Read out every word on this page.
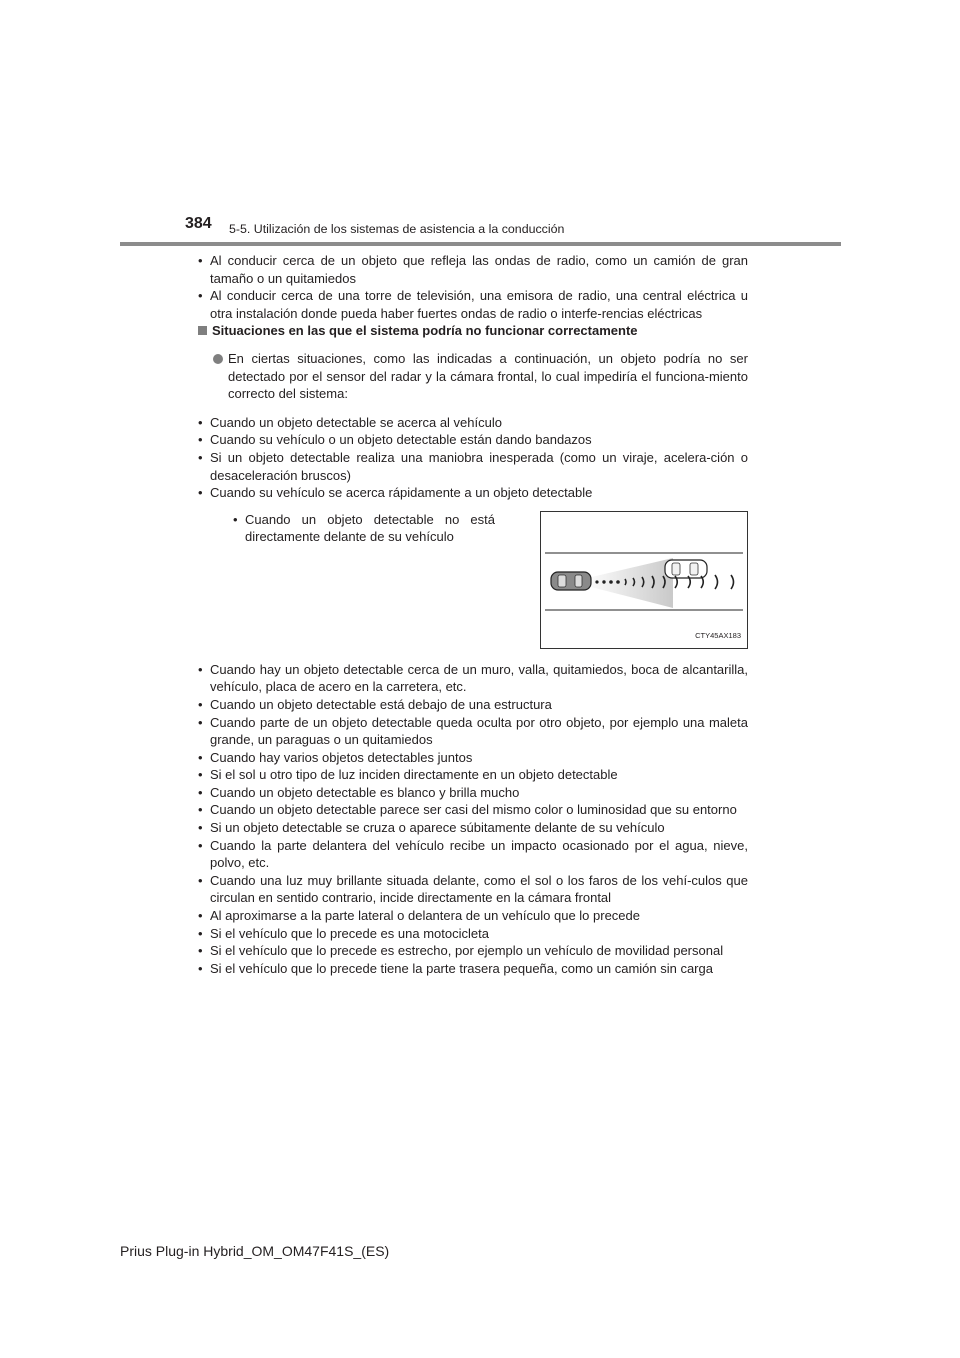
384 5-5. Utilización de los sistemas de asistencia a la conducción
• Al conducir cerca de un objeto que refleja las ondas de radio, como un camión de gran tamaño o un quitamiedos
• Al conducir cerca de una torre de televisión, una emisora de radio, una central eléctrica u otra instalación donde pueda haber fuertes ondas de radio o interfe-rencias eléctricas
Situaciones en las que el sistema podría no funcionar correctamente
En ciertas situaciones, como las indicadas a continuación, un objeto podría no ser detectado por el sensor del radar y la cámara frontal, lo cual impediría el funciona-miento correcto del sistema:
• Cuando un objeto detectable se acerca al vehículo
• Cuando su vehículo o un objeto detectable están dando bandazos
• Si un objeto detectable realiza una maniobra inesperada (como un viraje, acelera-ción o desaceleración bruscos)
• Cuando su vehículo se acerca rápidamente a un objeto detectable
• Cuando un objeto detectable no está directamente delante de su vehículo
CTY45AX183
• Cuando hay un objeto detectable cerca de un muro, valla, quitamiedos, boca de alcantarilla, vehículo, placa de acero en la carretera, etc.
• Cuando un objeto detectable está debajo de una estructura
• Cuando parte de un objeto detectable queda oculta por otro objeto, por ejemplo una maleta grande, un paraguas o un quitamiedos
• Cuando hay varios objetos detectables juntos
• Si el sol u otro tipo de luz inciden directamente en un objeto detectable
• Cuando un objeto detectable es blanco y brilla mucho
• Cuando un objeto detectable parece ser casi del mismo color o luminosidad que su entorno
• Si un objeto detectable se cruza o aparece súbitamente delante de su vehículo
• Cuando la parte delantera del vehículo recibe un impacto ocasionado por el agua, nieve, polvo, etc.
• Cuando una luz muy brillante situada delante, como el sol o los faros de los vehí-culos que circulan en sentido contrario, incide directamente en la cámara frontal
• Al aproximarse a la parte lateral o delantera de un vehículo que lo precede
• Si el vehículo que lo precede es una motocicleta
• Si el vehículo que lo precede es estrecho, por ejemplo un vehículo de movilidad personal
• Si el vehículo que lo precede tiene la parte trasera pequeña, como un camión sin carga
Prius Plug-in Hybrid_OM_OM47F41S_(ES)
